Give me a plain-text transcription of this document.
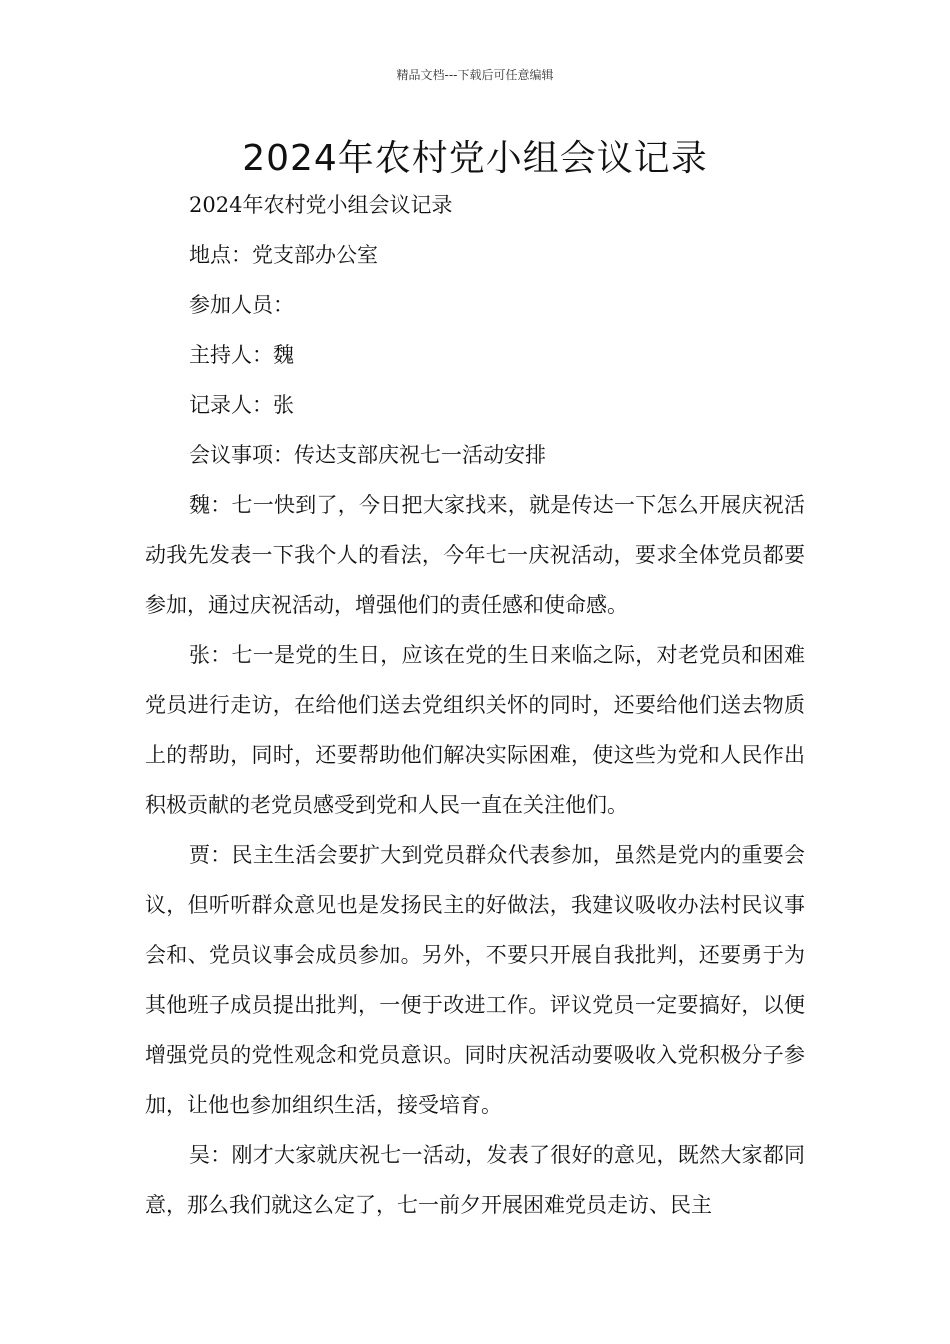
精品文档---下载后可任意编辑
2024年农村党小组会议记录

2024年农村党小组会议记录

地点：党支部办公室

参加人员：

主持人：魏

记录人：张

会议事项：传达支部庆祝七一活动安排

魏：七一快到了，今日把大家找来，就是传达一下怎么开展庆祝活动我先发表一下我个人的看法，今年七一庆祝活动，要求全体党员都要参加，通过庆祝活动，增强他们的责任感和使命感。

张：七一是党的生日，应该在党的生日来临之际，对老党员和困难党员进行走访，在给他们送去党组织关怀的同时，还要给他们送去物质上的帮助，同时，还要帮助他们解决实际困难，使这些为党和人民作出积极贡献的老党员感受到党和人民一直在关注他们。

贾：民主生活会要扩大到党员群众代表参加，虽然是党内的重要会议，但听听群众意见也是发扬民主的好做法，我建议吸收办法村民议事会和、党员议事会成员参加。另外，不要只开展自我批判，还要勇于为其他班子成员提出批判，一便于改进工作。评议党员一定要搞好，以便增强党员的党性观念和党员意识。同时庆祝活动要吸收入党积极分子参加，让他也参加组织生活，接受培育。

吴：刚才大家就庆祝七一活动，发表了很好的意见，既然大家都同意，那么我们就这么定了，七一前夕开展困难党员走访、民主
